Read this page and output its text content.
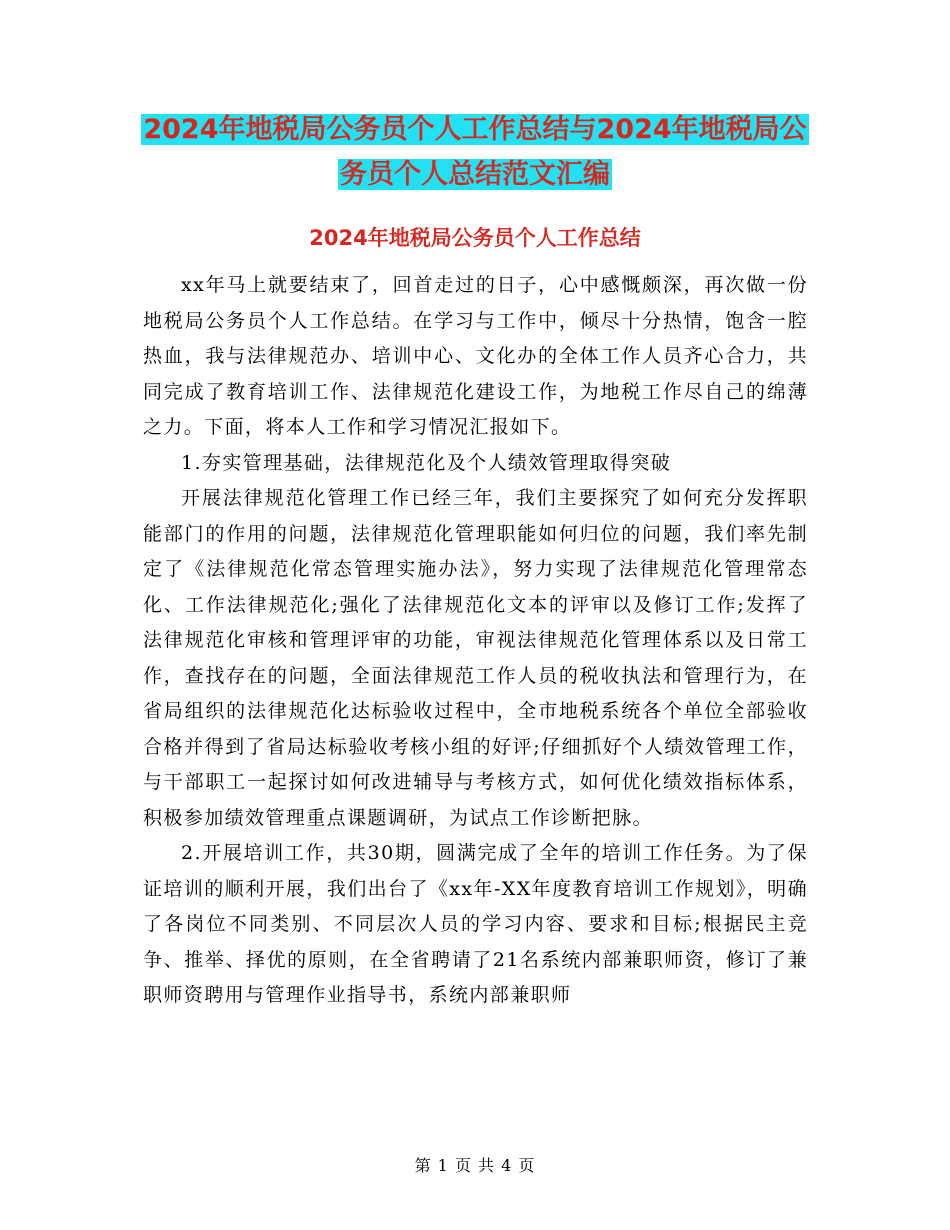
2024年地税局公务员个人工作总结与2024年地税局公
务员个人总结范文汇编
2024年地税局公务员个人工作总结

xx年马上就要结束了，回首走过的日子，心中感慨颇深，再次做一份地税局公务员个人工作总结。在学习与工作中，倾尽十分热情，饱含一腔热血，我与法律规范办、培训中心、文化办的全体工作人员齐心合力，共同完成了教育培训工作、法律规范化建设工作，为地税工作尽自己的绵薄之力。下面，将本人工作和学习情况汇报如下。

1.夯实管理基础，法律规范化及个人绩效管理取得突破

开展法律规范化管理工作已经三年，我们主要探究了如何充分发挥职能部门的作用的问题，法律规范化管理职能如何归位的问题，我们率先制定了《法律规范化常态管理实施办法》，努力实现了法律规范化管理常态化、工作法律规范化;强化了法律规范化文本的评审以及修订工作;发挥了法律规范化审核和管理评审的功能，审视法律规范化管理体系以及日常工作，查找存在的问题，全面法律规范工作人员的税收执法和管理行为，在省局组织的法律规范化达标验收过程中，全市地税系统各个单位全部验收合格并得到了省局达标验收考核小组的好评;仔细抓好个人绩效管理工作，与干部职工一起探讨如何改进辅导与考核方式，如何优化绩效指标体系，积极参加绩效管理重点课题调研，为试点工作诊断把脉。

2.开展培训工作，共30期，圆满完成了全年的培训工作任务。为了保证培训的顺利开展，我们出台了《xx年-XX年度教育培训工作规划》，明确了各岗位不同类别、不同层次人员的学习内容、要求和目标;根据民主竞争、推举、择优的原则，在全省聘请了21名系统内部兼职师资，修订了兼职师资聘用与管理作业指导书，系统内部兼职师

第 1 页 共 4 页
